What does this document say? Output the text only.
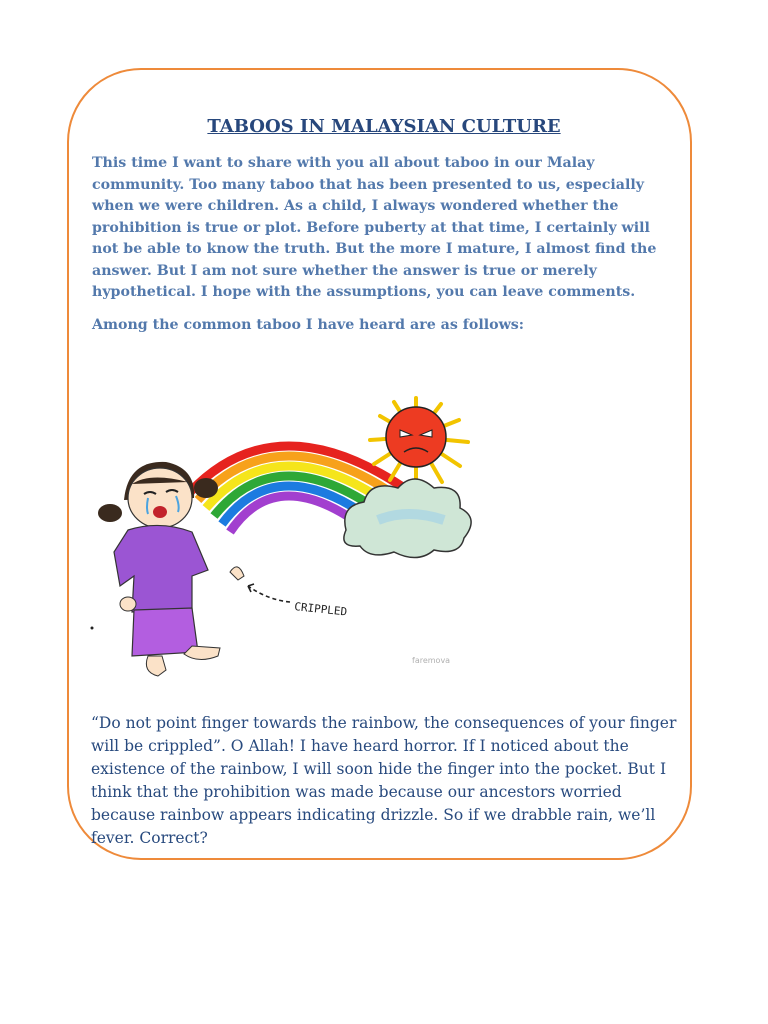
TABOOS IN MALAYSIAN CULTURE

This time I want to share with you all about taboo in our Malay community. Too many taboo that has been presented to us, especially when we were children. As a child, I always wondered whether the prohibition is true or plot. Before puberty at that time, I certainly will not be able to know the truth. But the more I mature, I almost find the answer. But I am not sure whether the answer is true or merely hypothetical. I hope with the assumptions, you can leave comments.

Among the common taboo I have heard are as follows:

CRIPPLED
faremova

“Do not point finger towards the rainbow, the consequences of your finger will be crippled”. O Allah! I have heard horror. If I noticed about the existence of the rainbow, I will soon hide the finger into the pocket. But I think that the prohibition was made because our ancestors worried because rainbow appears indicating drizzle. So if we drabble rain, we’ll fever. Correct?
